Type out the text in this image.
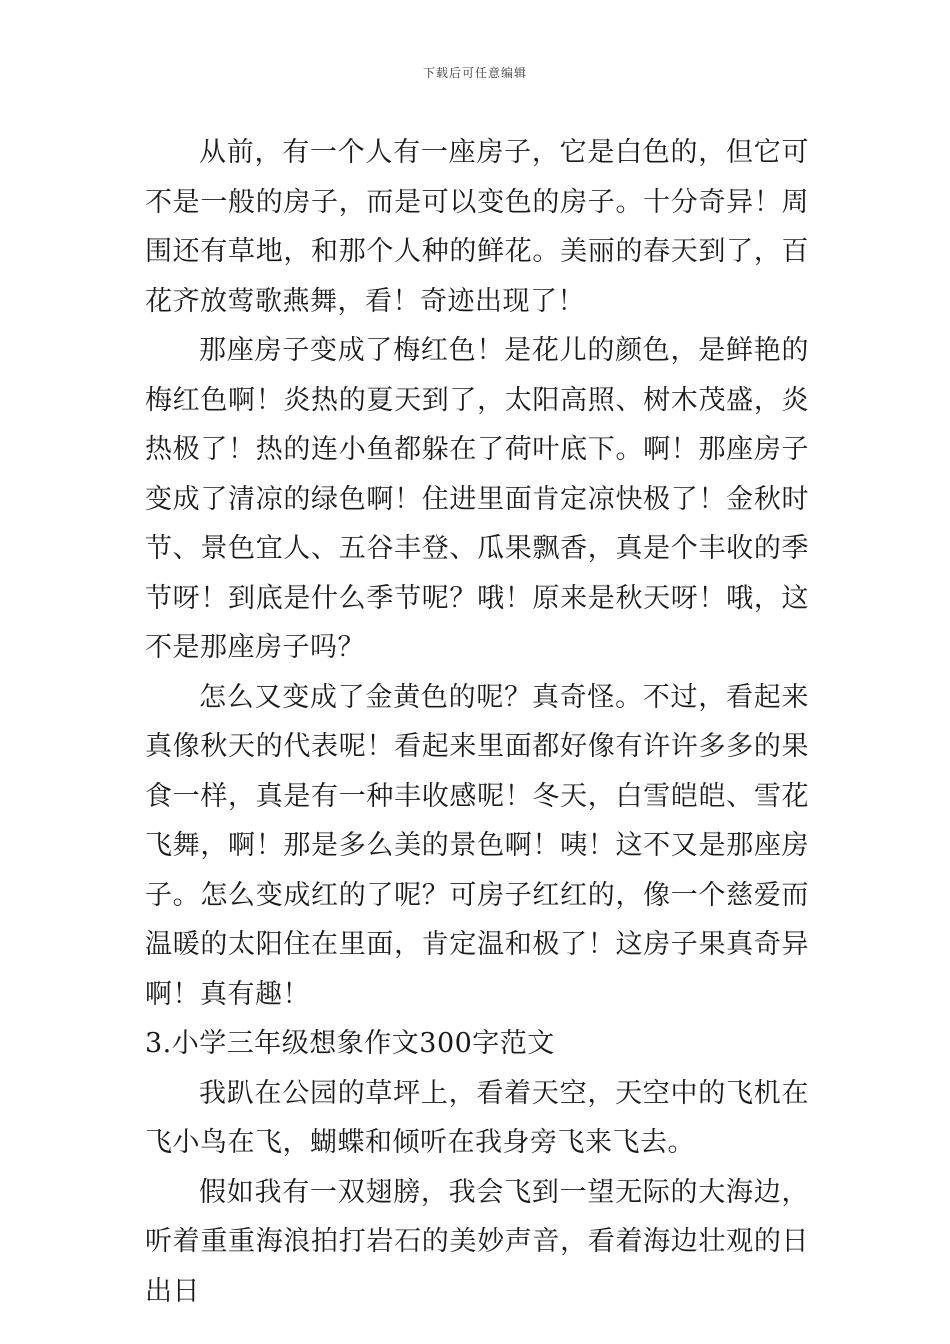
下载后可任意编辑

从前，有一个人有一座房子，它是白色的，但它可不是一般的房子，而是可以变色的房子。十分奇异！周围还有草地，和那个人种的鲜花。美丽的春天到了，百花齐放莺歌燕舞，看！奇迹出现了！

那座房子变成了梅红色！是花儿的颜色，是鲜艳的梅红色啊！炎热的夏天到了，太阳高照、树木茂盛，炎热极了！热的连小鱼都躲在了荷叶底下。啊！那座房子变成了清凉的绿色啊！住进里面肯定凉快极了！金秋时节、景色宜人、五谷丰登、瓜果飘香，真是个丰收的季节呀！到底是什么季节呢？哦！原来是秋天呀！哦，这不是那座房子吗？

怎么又变成了金黄色的呢？真奇怪。不过，看起来真像秋天的代表呢！看起来里面都好像有许许多多的果食一样，真是有一种丰收感呢！冬天，白雪皑皑、雪花飞舞，啊！那是多么美的景色啊！咦！这不又是那座房子。怎么变成红的了呢？可房子红红的，像一个慈爱而温暖的太阳住在里面，肯定温和极了！这房子果真奇异啊！真有趣！

3.小学三年级想象作文300字范文

我趴在公园的草坪上，看着天空，天空中的飞机在飞小鸟在飞，蝴蝶和倾听在我身旁飞来飞去。

假如我有一双翅膀，我会飞到一望无际的大海边，听着重重海浪拍打岩石的美妙声音，看着海边壮观的日出日
